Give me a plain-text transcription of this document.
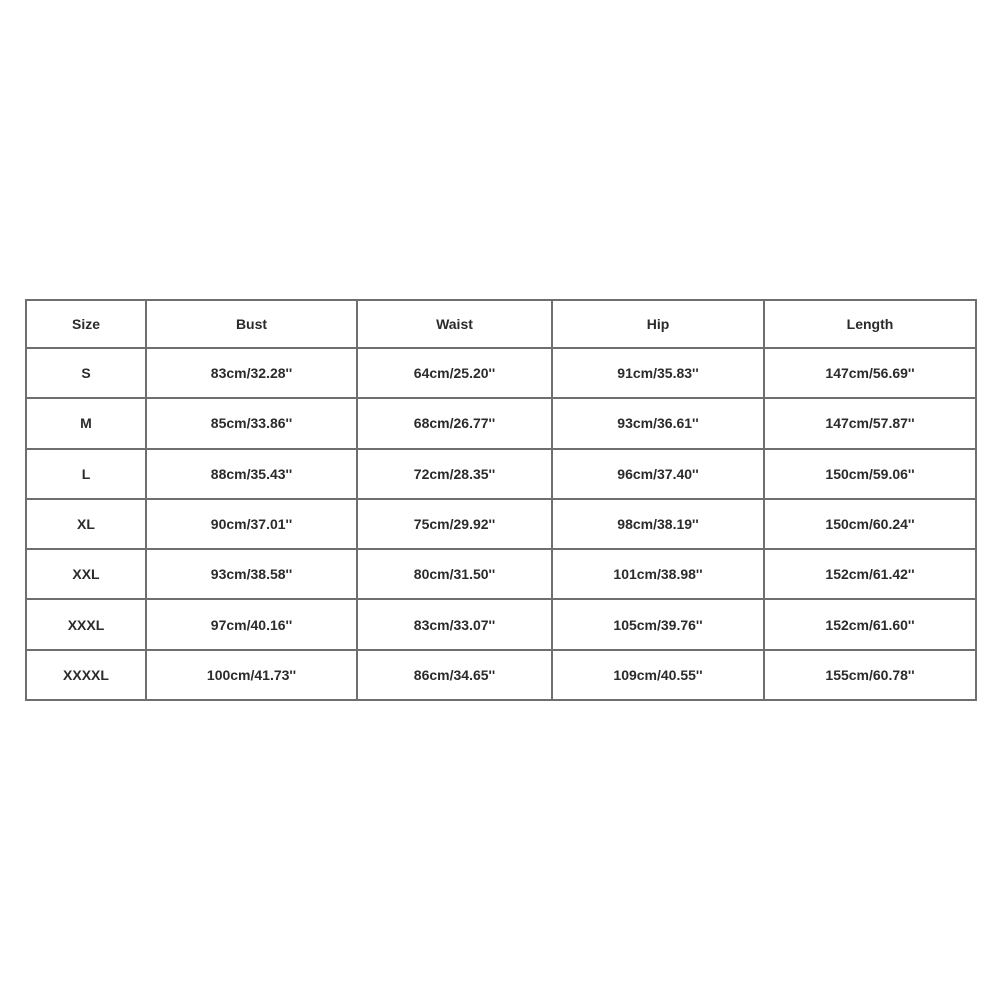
Size	Bust	Waist	Hip	Length
S	83cm/32.28''	64cm/25.20''	91cm/35.83''	147cm/56.69''
M	85cm/33.86''	68cm/26.77''	93cm/36.61''	147cm/57.87''
L	88cm/35.43''	72cm/28.35''	96cm/37.40''	150cm/59.06''
XL	90cm/37.01''	75cm/29.92''	98cm/38.19''	150cm/60.24''
XXL	93cm/38.58''	80cm/31.50''	101cm/38.98''	152cm/61.42''
XXXL	97cm/40.16''	83cm/33.07''	105cm/39.76''	152cm/61.60''
XXXXL	100cm/41.73''	86cm/34.65''	109cm/40.55''	155cm/60.78''
